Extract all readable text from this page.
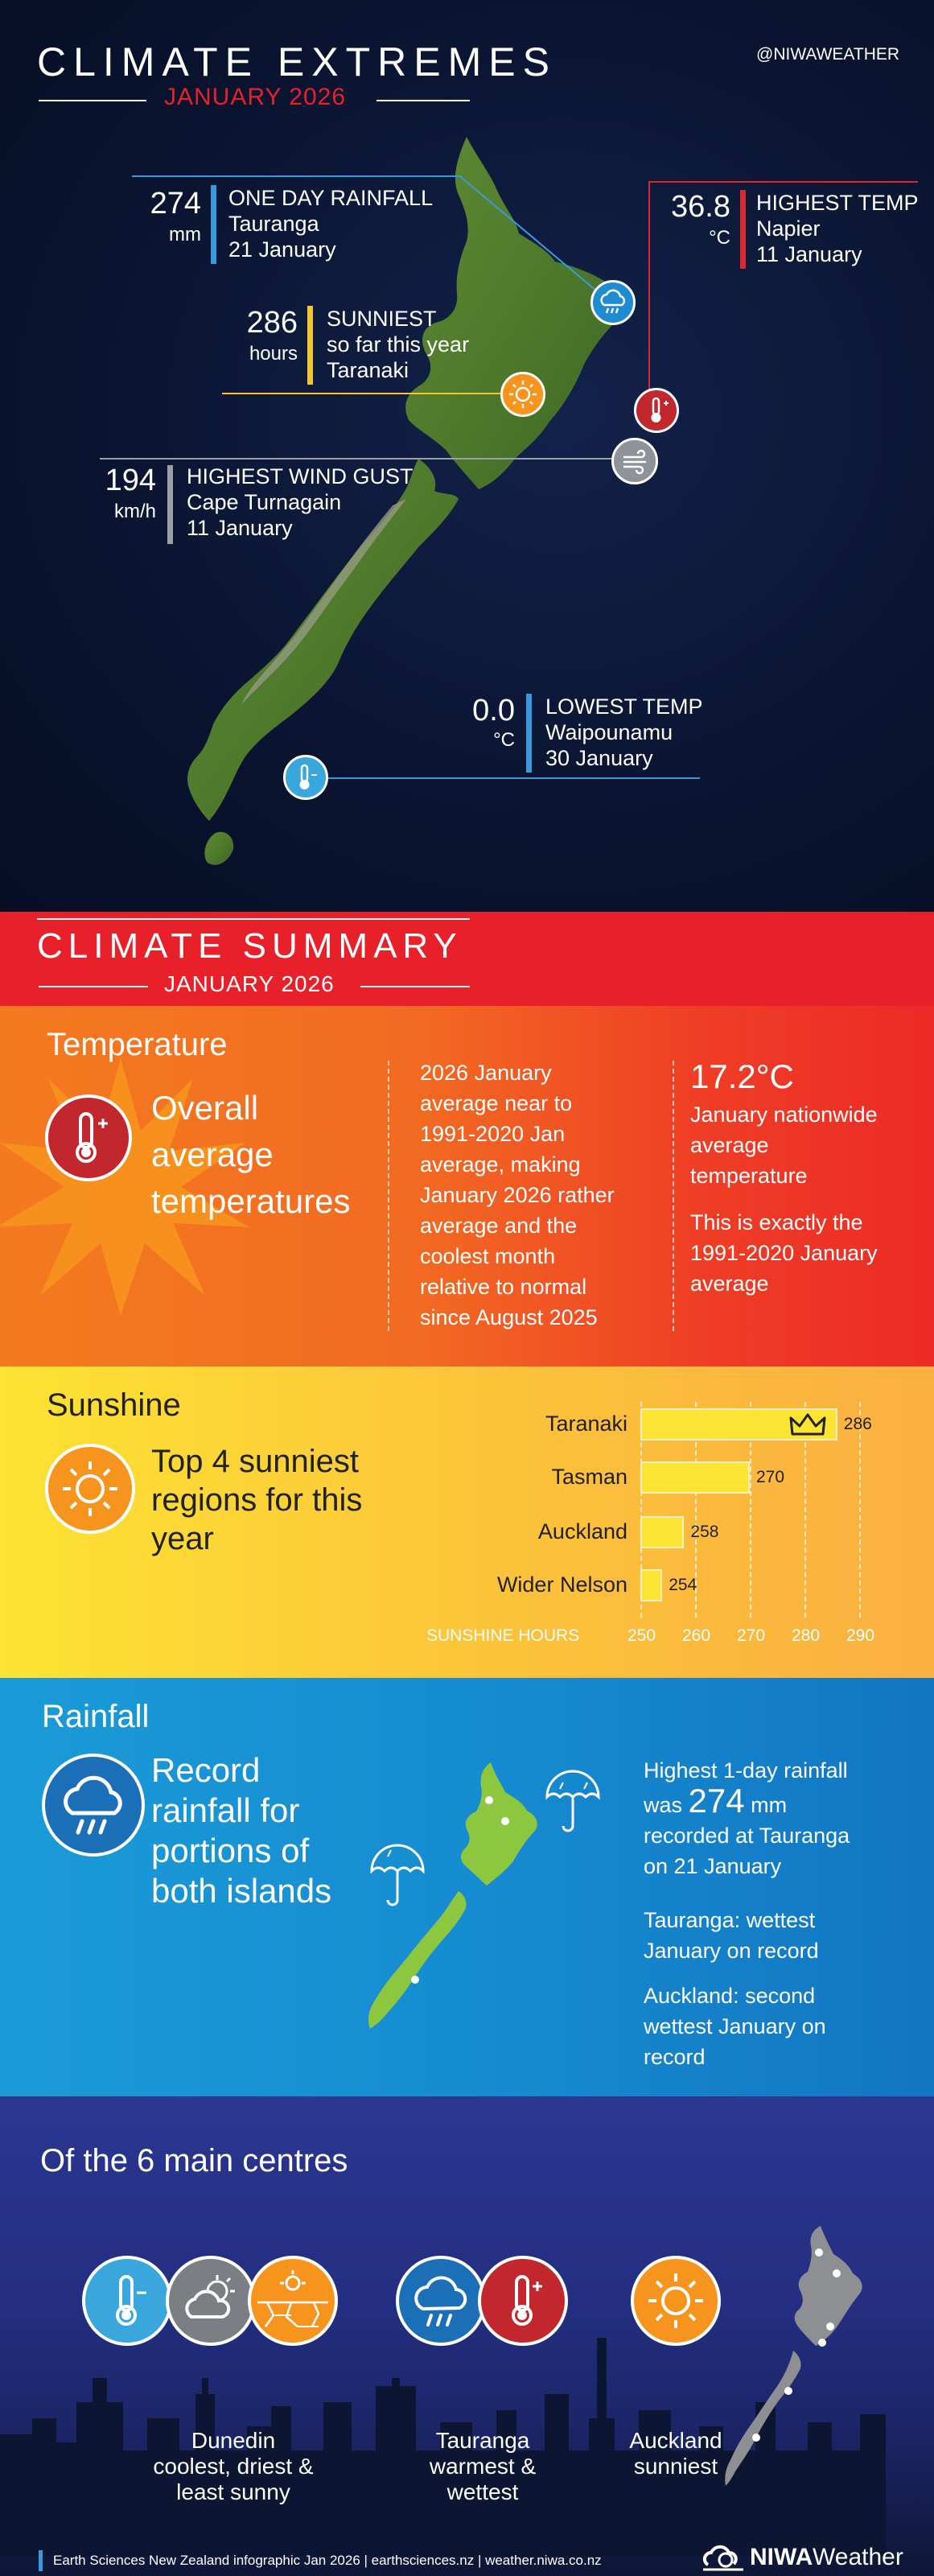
CLIMATE EXTREMES
JANUARY 2026
@NIWAWEATHER
274
mm
ONE DAY RAINFALL
Tauranga
21 January
286
hours
SUNNIEST
so far this year
Taranaki
36.8
°C
HIGHEST TEMP
Napier
11 January
194
km/h
HIGHEST WIND GUST
Cape Turnagain
11 January
0.0
°C
LOWEST TEMP
Waipounamu
30 January
CLIMATE SUMMARY
JANUARY 2026
Temperature
Overall
average
temperatures
2026 January
average near to
1991-2020 Jan
average, making
January 2026 rather
average and the
coolest month
relative to normal
since August 2025
17.2°C
January nationwide
average
temperature
This is exactly the
1991-2020 January
average
Sunshine
Top 4 sunniest
regions for this
year
250 260 270 280 290
Taranaki	286
Tasman	270
Auckland	258
Wider Nelson 254
SUNSHINE HOURS
Rainfall
Record
rainfall for
portions of
both islands
Highest 1-day rainfall
was 274 mm
recorded at Tauranga
on 21 January
Tauranga: wettest
January on record
Auckland: second
wettest January on
record
Of the 6 main centres
Dunedin
coolest, driest &
least sunny
Tauranga
warmest &
wettest
Auckland
sunniest
Earth Sciences New Zealand infographic Jan 2026 | earthsciences.nz | weather.niwa.co.nz	NIWA Weather
